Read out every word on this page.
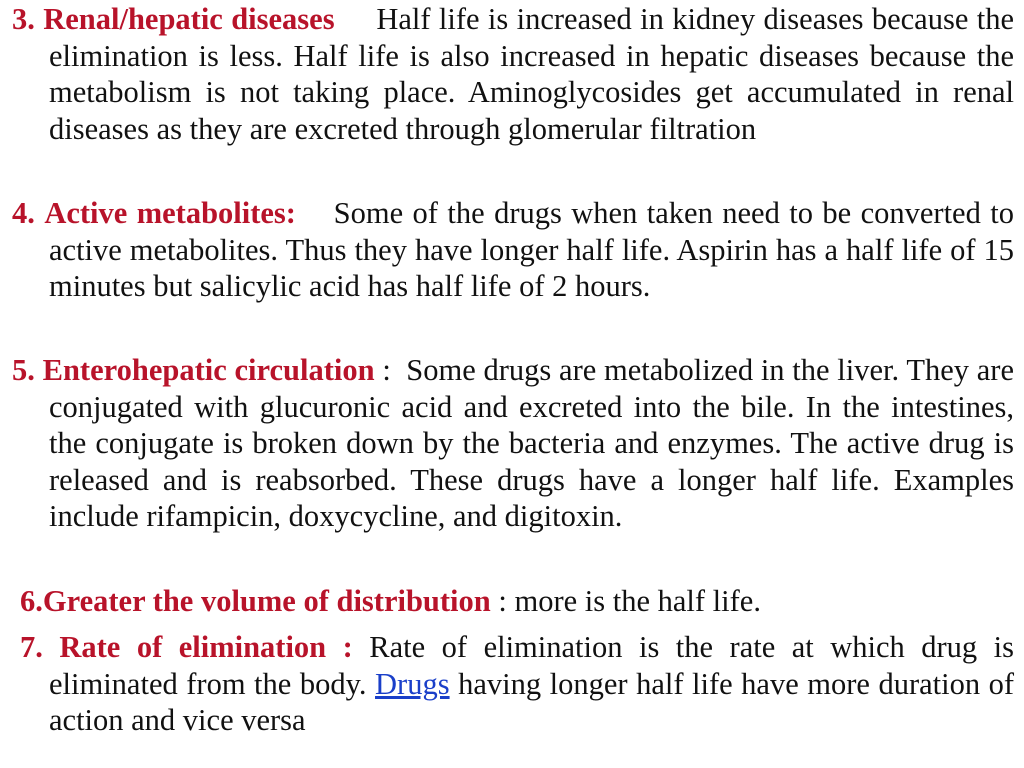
3. Renal/hepatic diseases Half life is increased in kidney diseases because the elimination is less. Half life is also increased in hepatic diseases because the metabolism is not taking place. Aminoglycosides get accumulated in renal diseases as they are excreted through glomerular filtration

4. Active metabolites: Some of the drugs when taken need to be converted to active metabolites. Thus they have longer half life. Aspirin has a half life of 15 minutes but salicylic acid has half life of 2 hours.

5. Enterohepatic circulation : Some drugs are metabolized in the liver. They are conjugated with glucuronic acid and excreted into the bile. In the intestines, the conjugate is broken down by the bacteria and enzymes. The active drug is released and is reabsorbed. These drugs have a longer half life. Examples include rifampicin, doxycycline, and digitoxin.

6.Greater the volume of distribution : more is the half life.

7. Rate of elimination : Rate of elimination is the rate at which drug is eliminated from the body. Drugs having longer half life have more duration of action and vice versa
